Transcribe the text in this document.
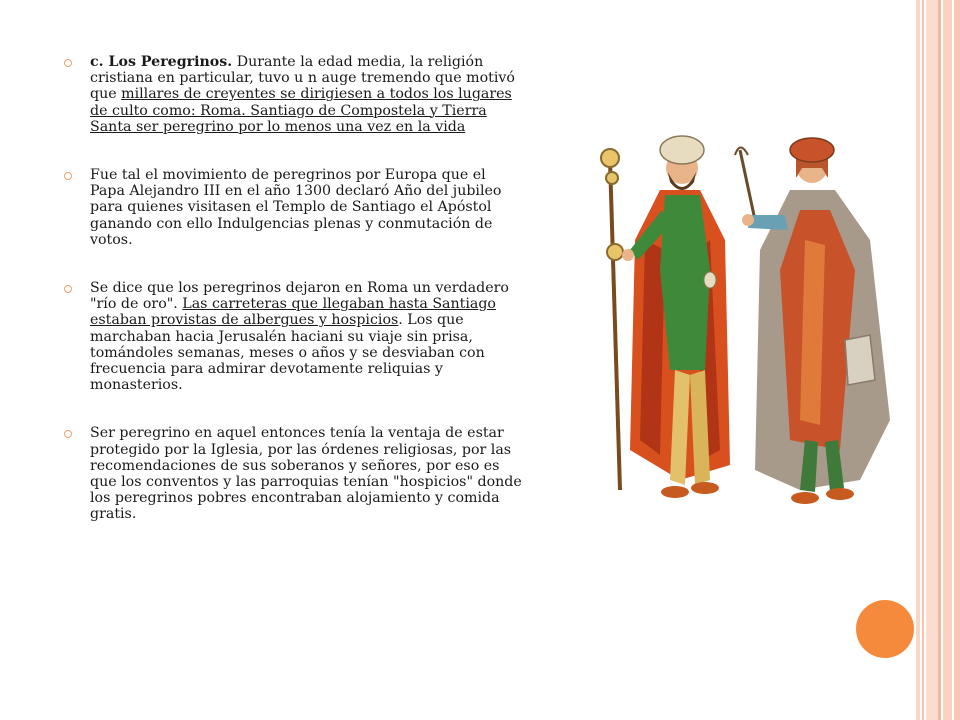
c. Los Peregrinos. Durante la edad media, la religión cristiana en particular, tuvo u n auge tremendo que motivó que millares de creyentes se dirigiesen a todos los lugares de culto como: Roma. Santiago de Compostela y Tierra Santa ser peregrino por lo menos una vez en la vida

Fue tal el movimiento de peregrinos por Europa que el Papa Alejandro III en el año 1300 declaró Año del jubileo para quienes visitasen el Templo de Santiago el Apóstol ganando con ello Indulgencias plenas y conmutación de votos.

Se dice que los peregrinos dejaron en Roma un verdadero "río de oro". Las carreteras que llegaban hasta Santiago estaban provistas de albergues y hospicios. Los que marchaban hacia Jerusalén haciani su viaje sin prisa, tomándoles semanas, meses o años y se desviaban con frecuencia para admirar devotamente reliquias y monasterios.

Ser peregrino en aquel entonces tenía la ventaja de estar protegido por la Iglesia, por las órdenes religiosas, por las recomendaciones de sus soberanos y señores, por eso es que los conventos y las parroquias tenían "hospicios" donde los peregrinos pobres encontraban alojamiento y comida gratis.
